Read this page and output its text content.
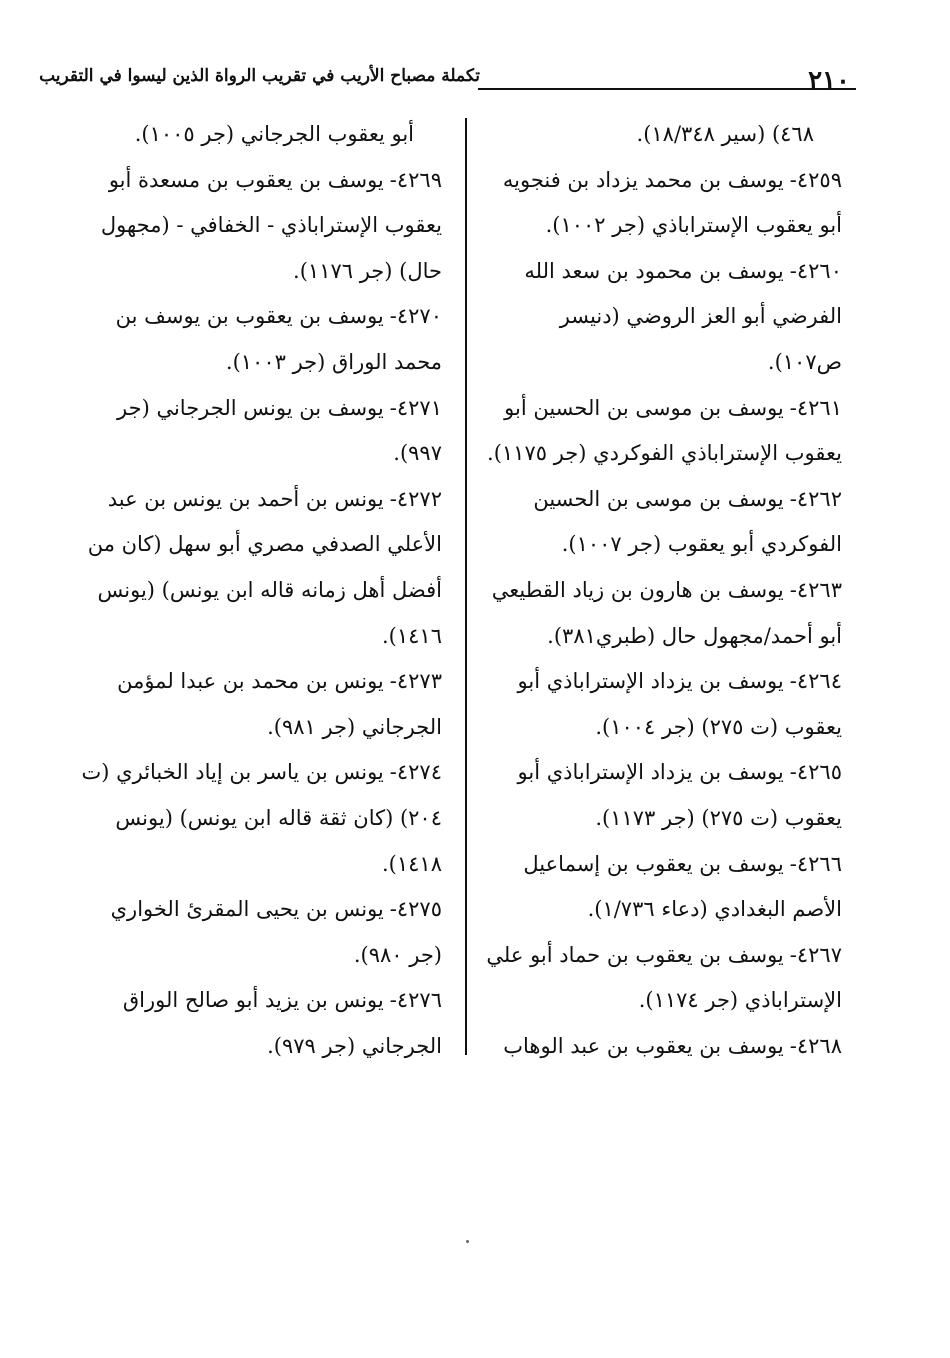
تكملة مصباح الأريب في تقريب الرواة الذين ليسوا في التقريب	٢١٠

٤٦٨) (سير ١٨/٣٤٨).

٤٢٥٩-يوسف بن محمد يزداد بن فنجويه أبو يعقوب الإستراباذي (جر ١٠٠٢).

٤٢٦٠-يوسف بن محمود بن سعد الله الفرضي أبو العز الروضي (دنيسر ص١٠٧).

٤٢٦١-يوسف بن موسى بن الحسين أبو يعقوب الإستراباذي الفوكردي (جر ١١٧٥).

٤٢٦٢-يوسف بن موسى بن الحسين الفوكردي أبو يعقوب (جر ١٠٠٧).

٤٢٦٣-يوسف بن هارون بن زياد القطيعي أبو أحمد/مجهول حال (طبري٣٨١).

٤٢٦٤-يوسف بن يزداد الإستراباذي أبو يعقوب (ت ٢٧٥) (جر ١٠٠٤).

٤٢٦٥-يوسف بن يزداد الإستراباذي أبو يعقوب (ت ٢٧٥) (جر ١١٧٣).

٤٢٦٦-يوسف بن يعقوب بن إسماعيل الأصم البغدادي (دعاء ١/٧٣٦).

٤٢٦٧-يوسف بن يعقوب بن حماد أبو علي الإستراباذي (جر ١١٧٤).

٤٢٦٨-يوسف بن يعقوب بن عبد الوهاب

أبو يعقوب الجرجاني (جر ١٠٠٥).

٤٢٦٩-يوسف بن يعقوب بن مسعدة أبو يعقوب الإستراباذي - الخفافي - (مجهول حال) (جر ١١٧٦).

٤٢٧٠-يوسف بن يعقوب بن يوسف بن محمد الوراق (جر ١٠٠٣).

٤٢٧١-يوسف بن يونس الجرجاني (جر ٩٩٧).

٤٢٧٢-يونس بن أحمد بن يونس بن عبد الأعلي الصدفي مصري أبو سهل (كان من أفضل أهل زمانه قاله ابن يونس) (يونس ١٤١٦).

٤٢٧٣-يونس بن محمد بن عبدا لمؤمن الجرجاني (جر ٩٨١).

٤٢٧٤-يونس بن ياسر بن إياد الخبائري (ت ٢٠٤) (كان ثقة قاله ابن يونس) (يونس ١٤١٨).

٤٢٧٥-يونس بن يحيى المقرئ الخواري (جر ٩٨٠).

٤٢٧٦-يونس بن يزيد أبو صالح الوراق الجرجاني (جر ٩٧٩).
